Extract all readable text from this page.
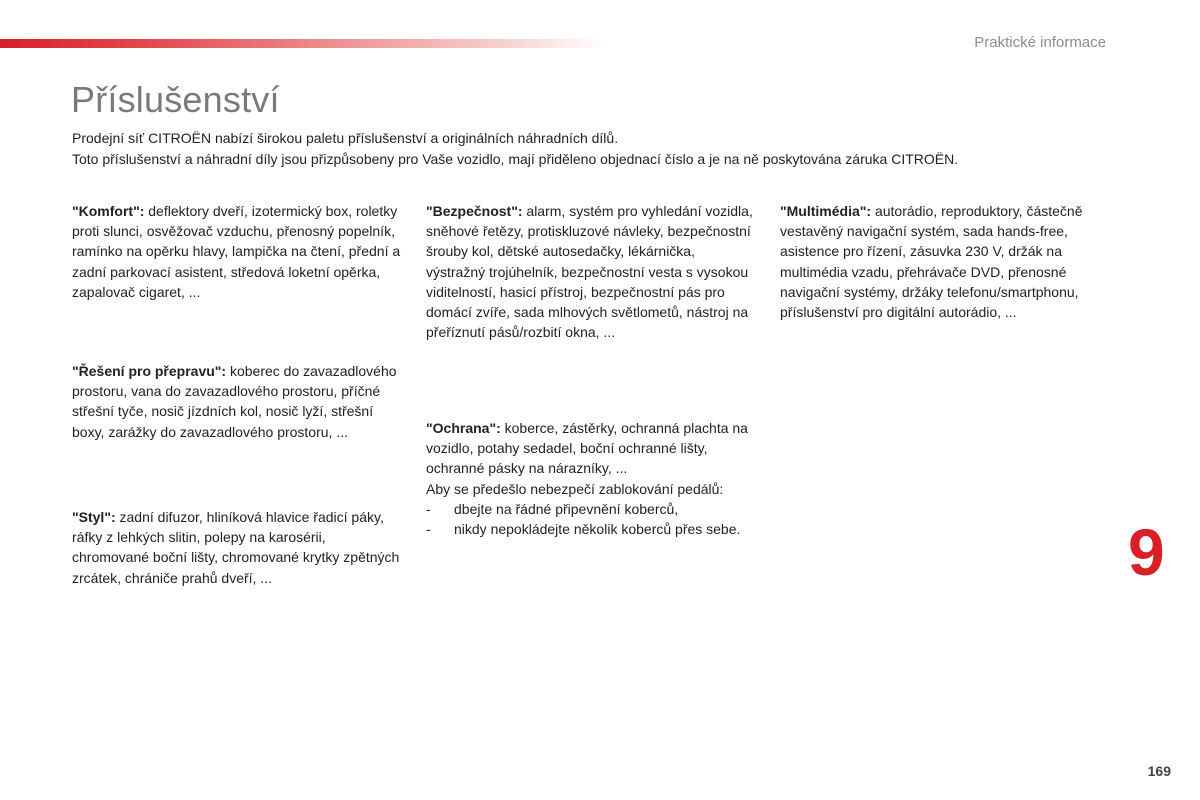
Praktické informace
Příslušenství

Prodejní síť CITROËN nabízí širokou paletu příslušenství a originálních náhradních dílů.

Toto příslušenství a náhradní díly jsou přizpůsobeny pro Vaše vozidlo, mají přiděleno objednací číslo a je na ně poskytována záruka CITROËN.

"Komfort": deflektory dveří, izotermický box, roletky proti slunci, osvěžovač vzduchu, přenosný popelník, ramínko na opěrku hlavy, lampička na čtení, přední a zadní parkovací asistent, středová loketní opěrka, zapalovač cigaret, ...
"Řešení pro přepravu": koberec do zavazadlového prostoru, vana do zavazadlového prostoru, příčné střešní tyče, nosič jízdních kol, nosič lyží, střešní boxy, zarážky do zavazadlového prostoru, ...
"Styl": zadní difuzor, hliníková hlavice řadicí páky, ráfky z lehkých slitin, polepy na karosérii, chromované boční lišty, chromované krytky zpětných zrcátek, chrániče prahů dveří, ...
"Bezpečnost": alarm, systém pro vyhledání vozidla, sněhové řetězy, protiskluzové návleky, bezpečnostní šrouby kol, dětské autosedačky, lékárnička, výstražný trojúhelník, bezpečnostní vesta s vysokou viditelností, hasicí přístroj, bezpečnostní pás pro domácí zvíře, sada mlhových světlometů, nástroj na přeříznutí pásů/rozbití okna, ...
"Ochrana": koberce, zástěrky, ochranná plachta na vozidlo, potahy sedadel, boční ochranné lišty, ochranné pásky na nárazníky, ...
Aby se předešlo nebezpečí zablokování pedálů:
- dbejte na řádné připevnění koberců,
- nikdy nepokládejte několik koberců přes sebe.
"Multimédia": autorádio, reproduktory, částečně vestavěný navigační systém, sada hands-free, asistence pro řízení, zásuvka 230 V, držák na multimédia vzadu, přehrávače DVD, přenosné navigační systémy, držáky telefonu/smartphonu, příslušenství pro digitální autorádio, ...
9
169
